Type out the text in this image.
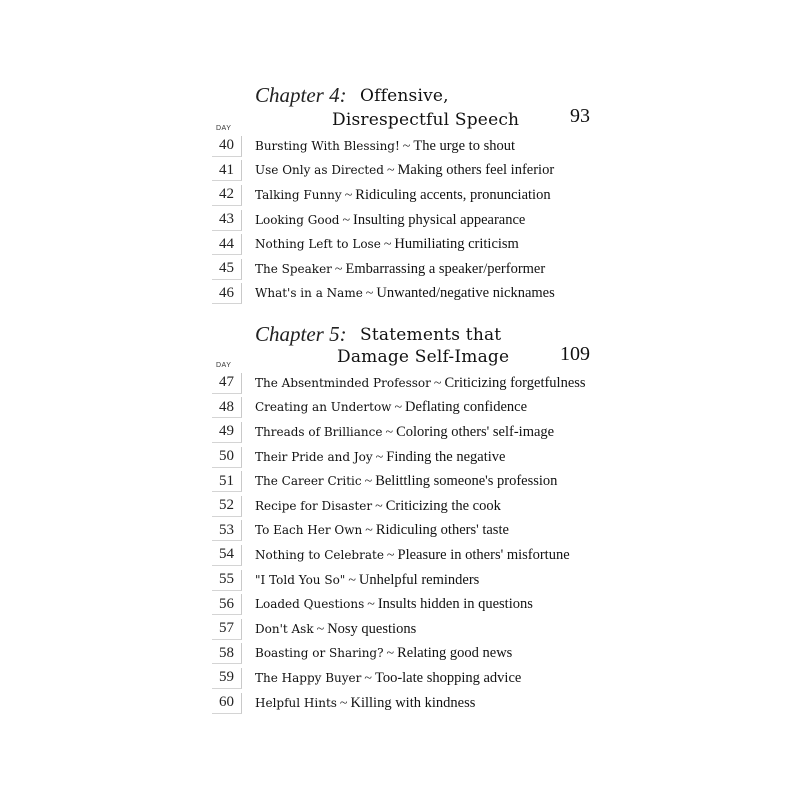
Chapter 4: Offensive,
Disrespectful Speech	93
DAY
40	Bursting With Blessing! ~ The urge to shout
41	Use Only as Directed ~ Making others feel inferior
42	Talking Funny ~ Ridiculing accents, pronunciation
43	Looking Good ~ Insulting physical appearance
44	Nothing Left to Lose ~ Humiliating criticism
45	The Speaker ~ Embarrassing a speaker/performer
46	What's in a Name ~ Unwanted/negative nicknames
Chapter 5: Statements that
Damage Self-Image	109
DAY
47	The Absentminded Professor ~ Criticizing forgetfulness
48	Creating an Undertow ~ Deflating confidence
49	Threads of Brilliance ~ Coloring others' self-image
50	Their Pride and Joy ~ Finding the negative
51	The Career Critic ~ Belittling someone's profession
52	Recipe for Disaster ~ Criticizing the cook
53	To Each Her Own ~ Ridiculing others' taste
54	Nothing to Celebrate ~ Pleasure in others' misfortune
55	"I Told You So" ~ Unhelpful reminders
56	Loaded Questions ~ Insults hidden in questions
57	Don't Ask ~ Nosy questions
58	Boasting or Sharing? ~ Relating good news
59	The Happy Buyer ~ Too-late shopping advice
60	Helpful Hints ~ Killing with kindness
